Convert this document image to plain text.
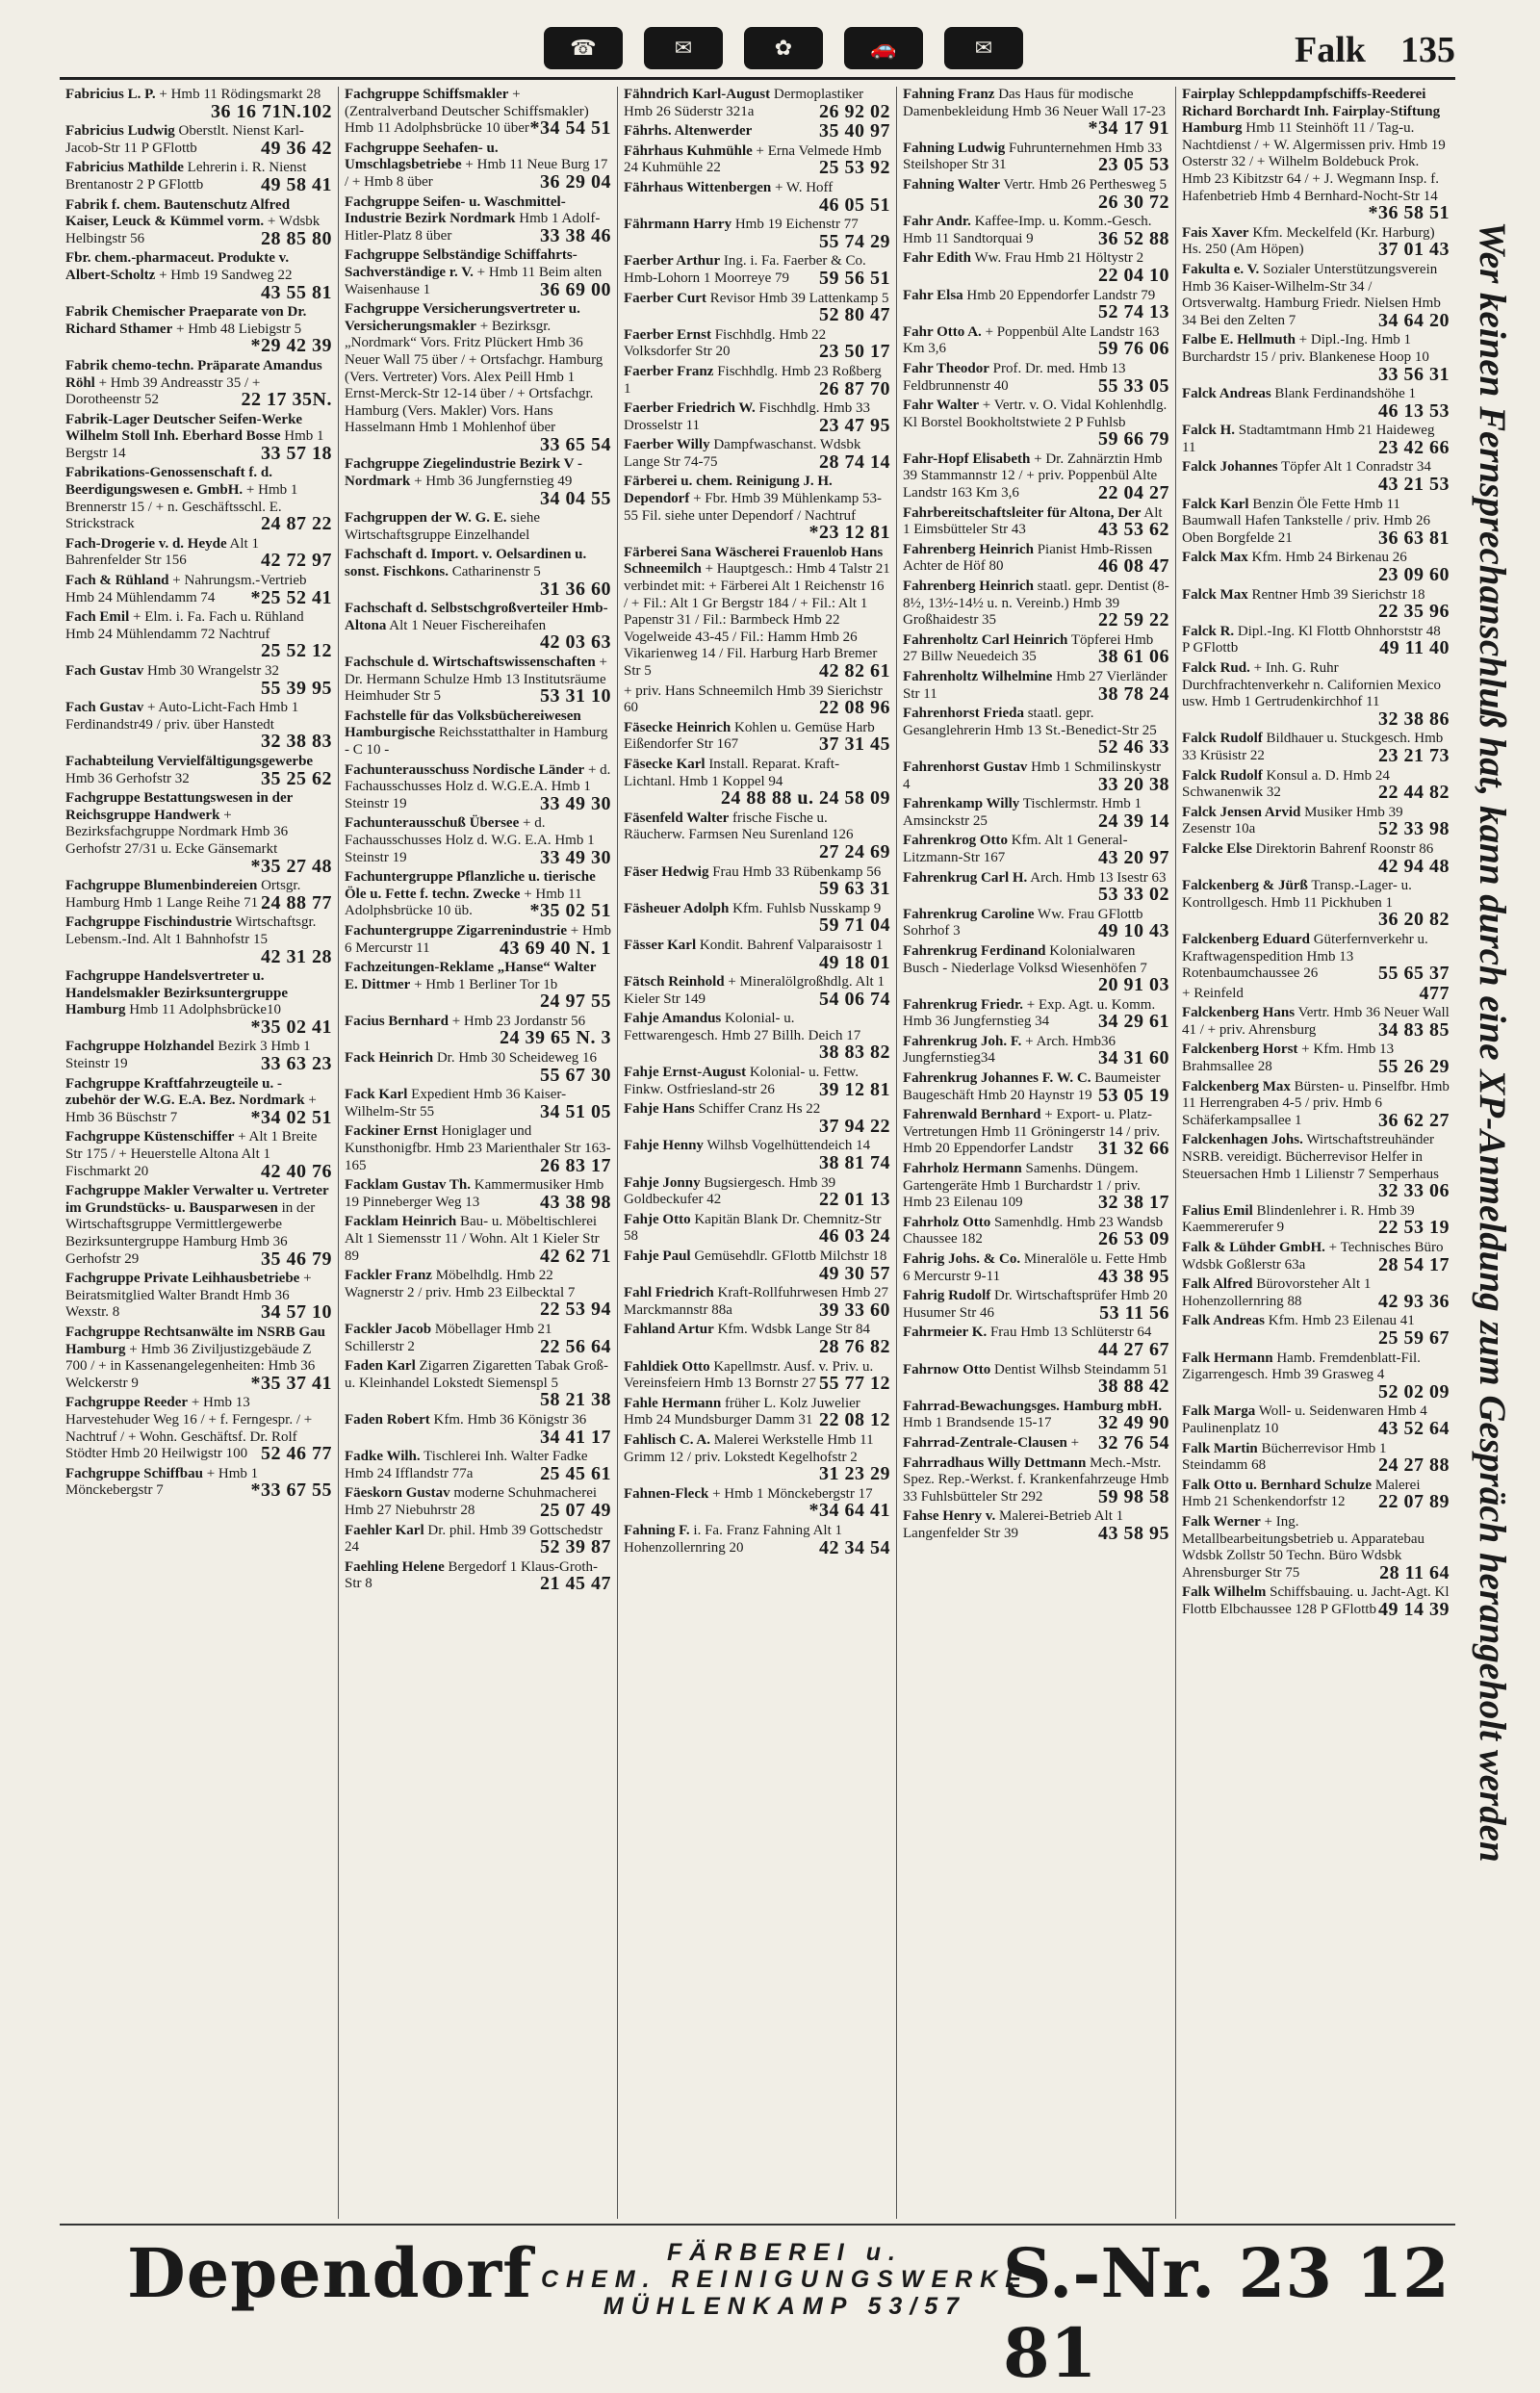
☎	✉	✿	🚗	✉	Falk 135
Fabricius L. P. + Hmb 11 Rödingsmarkt 28
36 16 71N.102
Fabricius Ludwig Oberstlt. Nienst Karl-Jacob-Str 11 P GFlottb	49 36 42
Fabricius Mathilde Lehrerin i. R. Nienst Brentanostr 2 P GFlottb	49 58 41
Fabrik f. chem. Bautenschutz Alfred Kaiser, Leuck & Kümmel vorm. + Wdsbk Helbingstr 56	28 85 80
Fbr. chem.-pharmaceut. Produkte v. Albert-Scholtz + Hmb 19 Sandweg 22
43 55 81
Fabrik Chemischer Praeparate von Dr. Richard Sthamer + Hmb 48 Liebigstr 5
*29 42 39
Fabrik chemo-techn. Präparate Amandus Röhl + Hmb 39 Andreasstr 35 / + Dorotheenstr 52	22 17 35N.
Fabrik-Lager Deutscher Seifen-Werke Wilhelm Stoll Inh. Eberhard Bosse Hmb 1 Bergstr 14	33 57 18
Fabrikations-Genossenschaft f. d. Beerdigungswesen e. GmbH. + Hmb 1 Brennerstr 15 / + n. Geschäftsschl. E. Strickstrack	24 87 22
Fach-Drogerie v. d. Heyde Alt 1 Bahrenfelder Str 156	42 72 97
Fach & Rühland + Nahrungsm.-Vertrieb Hmb 24 Mühlendamm 74 *25 52 41
Fach Emil + Elm. i. Fa. Fach u. Rühland Hmb 24 Mühlendamm 72 Nachtruf
25 52 12
Fach Gustav Hmb 30 Wrangelstr 32
55 39 95
Fach Gustav + Auto-Licht-Fach Hmb 1 Ferdinandstr49 / priv. über Hanstedt
32 38 83
Fachabteilung Vervielfältigungsgewerbe Hmb 36 Gerhofstr 32	35 25 62
Fachgruppe Bestattungswesen in der Reichsgruppe Handwerk + Bezirksfachgruppe Nordmark Hmb 36 Gerhofstr 27/31 u. Ecke Gänsemarkt
*35 27 48
Fachgruppe Blumenbindereien Ortsgr. Hamburg Hmb 1 Lange Reihe 71 24 88 77
Fachgruppe Fischindustrie Wirtschaftsgr. Lebensm.-Ind. Alt 1 Bahnhofstr 15
42 31 28
Fachgruppe Handelsvertreter u. Handelsmakler Bezirksuntergruppe Hamburg Hmb 11 Adolphsbrücke10
*35 02 41
Fachgruppe Holzhandel Bezirk 3 Hmb 1 Steinstr 19	33 63 23
Fachgruppe Kraftfahrzeugteile u. -zubehör der W.G. E.A. Bez. Nordmark + Hmb 36 Büschstr 7	*34 02 51
Fachgruppe Küstenschiffer + Alt 1 Breite Str 175 / + Heuerstelle Altona Alt 1 Fischmarkt 20	42 40 76
Fachgruppe Makler Verwalter u. Vertreter im Grundstücks- u. Bausparwesen in der Wirtschaftsgruppe Vermittlergewerbe Bezirksuntergruppe Hamburg Hmb 36 Gerhofstr 29	35 46 79
Fachgruppe Private Leihhausbetriebe + Beiratsmitglied Walter Brandt Hmb 36 Wexstr. 8	34 57 10
Fachgruppe Rechtsanwälte im NSRB Gau Hamburg + Hmb 36 Ziviljustizgebäude Z 700 / + in Kassenangelegenheiten: Hmb 36 Welckerstr 9	*35 37 41
Fachgruppe Reeder + Hmb 13 Harvestehuder Weg 16 / + f. Ferngespr. / + Nachtruf / + Wohn. Geschäftsf. Dr. Rolf Stödter Hmb 20 Heilwigstr 100 52 46 77
Fachgruppe Schiffbau + Hmb 1 Mönckebergstr 7	*33 67 55
Fachgruppe Schiffsmakler + (Zentralverband Deutscher Schiffsmakler) Hmb 11 Adolphsbrücke 10 über *34 54 51
Fachgruppe Seehafen- u. Umschlagsbetriebe + Hmb 11 Neue Burg 17 / + Hmb 8 über	36 29 04
Fachgruppe Seifen- u. Waschmittel-Industrie Bezirk Nordmark Hmb 1 Adolf-Hitler-Platz 8 über	33 38 46
Fachgruppe Selbständige Schiffahrts-Sachverständige r. V. + Hmb 11 Beim alten Waisenhause 1	36 69 00
Fachgruppe Versicherungsvertreter u. Versicherungsmakler + Bezirksgr. „Nordmark“ Vors. Fritz Plückert Hmb 36 Neuer Wall 75 über / + Ortsfachgr. Hamburg (Vers. Vertreter) Vors. Alex Peill Hmb 1 Ernst-Merck-Str 12-14 über / + Ortsfachgr. Hamburg (Vers. Makler) Vors. Hans Hasselmann Hmb 1 Mohlenhof über
33 65 54
Fachgruppe Ziegelindustrie Bezirk V - Nordmark + Hmb 36 Jungfernstieg 49
34 04 55
Fachgruppen der W. G. E. siehe Wirtschaftsgruppe Einzelhandel
Fachschaft d. Import. v. Oelsardinen u. sonst. Fischkons. Catharinenstr 5
31 36 60
Fachschaft d. Selbstschgroßverteiler Hmb-Altona Alt 1 Neuer Fischereihafen
42 03 63
Fachschule d. Wirtschaftswissenschaften + Dr. Hermann Schulze Hmb 13 Institutsräume Heimhuder Str 5	53 31 10
Fachstelle für das Volksbüchereiwesen Hamburgische Reichsstatthalter in Hamburg - C 10 -
Fachunterausschuss Nordische Länder + d. Fachausschusses Holz d. W.G.E.A. Hmb 1 Steinstr 19	33 49 30
Fachunterausschuß Übersee + d. Fachausschusses Holz d. W.G. E.A. Hmb 1 Steinstr 19	33 49 30
Fachuntergruppe Pflanzliche u. tierische Öle u. Fette f. techn. Zwecke + Hmb 11 Adolphsbrücke 10 üb.	*35 02 51
Fachuntergruppe Zigarrenindustrie + Hmb 6 Mercurstr 11	43 69 40 N. 1
Fachzeitungen-Reklame „Hanse“ Walter E. Dittmer + Hmb 1 Berliner Tor 1b
24 97 55
Facius Bernhard + Hmb 23 Jordanstr 56
24 39 65 N. 3
Fack Heinrich Dr. Hmb 30 Scheideweg 16
55 67 30
Fack Karl Expedient Hmb 36 Kaiser-Wilhelm-Str 55	34 51 05
Fackiner Ernst Honiglager und Kunsthonigfbr. Hmb 23 Marienthaler Str 163-165	26 83 17
Facklam Gustav Th. Kammermusiker Hmb 19 Pinneberger Weg 13	43 38 98
Facklam Heinrich Bau- u. Möbeltischlerei Alt 1 Siemensstr 11 / Wohn. Alt 1 Kieler Str 89	42 62 71
Fackler Franz Möbelhdlg. Hmb 22 Wagnerstr 2 / priv. Hmb 23 Eilbecktal 7
22 53 94
Fackler Jacob Möbellager Hmb 21 Schillerstr 2	22 56 64
Faden Karl Zigarren Zigaretten Tabak Groß- u. Kleinhandel Lokstedt Siemenspl 5
58 21 38
Faden Robert Kfm. Hmb 36 Königstr 36
34 41 17
Fadke Wilh. Tischlerei Inh. Walter Fadke Hmb 24 Ifflandstr 77a	25 45 61
Fäeskorn Gustav moderne Schuhmacherei Hmb 27 Niebuhrstr 28	25 07 49
Faehler Karl Dr. phil. Hmb 39 Gottschedstr 24	52 39 87
Faehling Helene Bergedorf 1 Klaus-Groth-Str 8	21 45 47
Fähndrich Karl-August Dermoplastiker Hmb 26 Süderstr 321a	26 92 02
Fährhs. Altenwerder	35 40 97
Fährhaus Kuhmühle + Erna Velmede Hmb 24 Kuhmühle 22	25 53 92
Fährhaus Wittenbergen + W. Hoff
46 05 51
Fährmann Harry Hmb 19 Eichenstr 77
55 74 29
Faerber Arthur Ing. i. Fa. Faerber & Co. Hmb-Lohorn 1 Moorreye 79 59 56 51
Faerber Curt Revisor Hmb 39 Lattenkamp 5
52 80 47
Faerber Ernst Fischhdlg. Hmb 22 Volksdorfer Str 20	23 50 17
Faerber Franz Fischhdlg. Hmb 23 Roßberg 1	26 87 70
Faerber Friedrich W. Fischhdlg. Hmb 33 Drosselstr 11	23 47 95
Faerber Willy Dampfwaschanst. Wdsbk Lange Str 74-75	28 74 14
Färberei u. chem. Reinigung J. H. Dependorf + Fbr. Hmb 39 Mühlenkamp 53-55 Fil. siehe unter Dependorf / Nachtruf
*23 12 81
Färberei Sana Wäscherei Frauenlob Hans Schneemilch + Hauptgesch.: Hmb 4 Talstr 21 verbindet mit: + Färberei Alt 1 Reichenstr 16 / + Fil.: Alt 1 Gr Bergstr 184 / + Fil.: Alt 1 Papenstr 31 / Fil.: Barmbeck Hmb 22 Vogelweide 43-45 / Fil.: Hamm Hmb 26 Vikarienweg 14 / Fil. Harburg Harb Bremer Str 5	42 82 61
+ priv. Hans Schneemilch Hmb 39 Sierichstr 60	22 08 96
Fäsecke Heinrich Kohlen u. Gemüse Harb Eißendorfer Str 167	37 31 45
Fäsecke Karl Install. Reparat. Kraft- Lichtanl. Hmb 1 Koppel 94
24 88 88 u. 24 58 09
Fäsenfeld Walter frische Fische u. Räucherw. Farmsen Neu Surenland 126
27 24 69
Fäser Hedwig Frau Hmb 33 Rübenkamp 56
59 63 31
Fäsheuer Adolph Kfm. Fuhlsb Nusskamp 9
59 71 04
Fässer Karl Kondit. Bahrenf Valparaisostr 1
49 18 01
Fätsch Reinhold + Mineralölgroßhdlg. Alt 1 Kieler Str 149	54 06 74
Fahje Amandus Kolonial- u. Fettwarengesch. Hmb 27 Billh. Deich 17
38 83 82
Fahje Ernst-August Kolonial- u. Fettw. Finkw. Ostfriesland-str 26 39 12 81
Fahje Hans Schiffer Cranz Hs 22
37 94 22
Fahje Henny Wilhsb Vogelhüttendeich 14
38 81 74
Fahje Jonny Bugsiergesch. Hmb 39 Goldbeckufer 42	22 01 13
Fahje Otto Kapitän Blank Dr. Chemnitz-Str 58	46 03 24
Fahje Paul Gemüsehdlr. GFlottb Milchstr 18
49 30 57
Fahl Friedrich Kraft-Rollfuhrwesen Hmb 27 Marckmannstr 88a	39 33 60
Fahland Artur Kfm. Wdsbk Lange Str 84
28 76 82
Fahldiek Otto Kapellmstr. Ausf. v. Priv. u. Vereinsfeiern Hmb 13 Bornstr 27 55 77 12
Fahle Hermann früher L. Kolz Juwelier Hmb 24 Mundsburger Damm 31 22 08 12
Fahlisch C. A. Malerei Werkstelle Hmb 11 Grimm 12 / priv. Lokstedt Kegelhofstr 2
31 23 29
Fahnen-Fleck + Hmb 1 Mönckebergstr 17
*34 64 41
Fahning F. i. Fa. Franz Fahning Alt 1 Hohenzollernring 20	42 34 54
Fahning Franz Das Haus für modische Damenbekleidung Hmb 36 Neuer Wall 17-23
*34 17 91
Fahning Ludwig Fuhrunternehmen Hmb 33 Steilshoper Str 31	23 05 53
Fahning Walter Vertr. Hmb 26 Perthesweg 5
26 30 72
Fahr Andr. Kaffee-Imp. u. Komm.-Gesch. Hmb 11 Sandtorquai 9	36 52 88
Fahr Edith Ww. Frau Hmb 21 Höltystr 2
22 04 10
Fahr Elsa Hmb 20 Eppendorfer Landstr 79
52 74 13
Fahr Otto A. + Poppenbül Alte Landstr 163 Km 3,6	59 76 06
Fahr Theodor Prof. Dr. med. Hmb 13 Feldbrunnenstr 40	55 33 05
Fahr Walter + Vertr. v. O. Vidal Kohlenhdlg. Kl Borstel Bookholtstwiete 2 P Fuhlsb
59 66 79
Fahr-Hopf Elisabeth + Dr. Zahnärztin Hmb 39 Stammannstr 12 / + priv. Poppenbül Alte Landstr 163 Km 3,6	22 04 27
Fahrbereitschaftsleiter für Altona, Der Alt 1 Eimsbütteler Str 43	43 53 62
Fahrenberg Heinrich Pianist Hmb-Rissen Achter de Höf 80	46 08 47
Fahrenberg Heinrich staatl. gepr. Dentist (8-8½, 13½-14½ u. n. Vereinb.) Hmb 39 Großhaidestr 35	22 59 22
Fahrenholtz Carl Heinrich Töpferei Hmb 27 Billw Neuedeich 35	38 61 06
Fahrenholtz Wilhelmine Hmb 27 Vierländer Str 11	38 78 24
Fahrenhorst Frieda staatl. gepr. Gesanglehrerin Hmb 13 St.-Benedict-Str 25
52 46 33
Fahrenhorst Gustav Hmb 1 Schmilinskystr 4	33 20 38
Fahrenkamp Willy Tischlermstr. Hmb 1 Amsinckstr 25	24 39 14
Fahrenkrog Otto Kfm. Alt 1 General-Litzmann-Str 167	43 20 97
Fahrenkrug Carl H. Arch. Hmb 13 Isestr 63
53 33 02
Fahrenkrug Caroline Ww. Frau GFlottb Sohrhof 3	49 10 43
Fahrenkrug Ferdinand Kolonialwaren Busch - Niederlage Volksd Wiesenhöfen 7
20 91 03
Fahrenkrug Friedr. + Exp. Agt. u. Komm. Hmb 36 Jungfernstieg 34	34 29 61
Fahrenkrug Joh. F. + Arch. Hmb36 Jungfernstieg34	34 31 60
Fahrenkrug Johannes F. W. C. Baumeister Baugeschäft Hmb 20 Haynstr 19 53 05 19
Fahrenwald Bernhard + Export- u. Platz-Vertretungen Hmb 11 Gröningerstr 14 / priv. Hmb 20 Eppendorfer Landstr 31 32 66
Fahrholz Hermann Samenhs. Düngem. Gartengeräte Hmb 1 Burchardstr 1 / priv. Hmb 23 Eilenau 109	32 38 17
Fahrholz Otto Samenhdlg. Hmb 23 Wandsb Chaussee 182	26 53 09
Fahrig Johs. & Co. Mineralöle u. Fette Hmb 6 Mercurstr 9-11	43 38 95
Fahrig Rudolf Dr. Wirtschaftsprüfer Hmb 20 Husumer Str 46	53 11 56
Fahrmeier K. Frau Hmb 13 Schlüterstr 64
44 27 67
Fahrnow Otto Dentist Wilhsb Steindamm 51
38 88 42
Fahrrad-Bewachungsges. Hamburg mbH. Hmb 1 Brandsende 15-17 32 49 90
Fahrrad-Zentrale-Clausen + 32 76 54
Fahrradhaus Willy Dettmann Mech.-Mstr. Spez. Rep.-Werkst. f. Krankenfahrzeuge Hmb 33 Fuhlsbütteler Str 292	59 98 58
Fahse Henry v. Malerei-Betrieb Alt 1 Langenfelder Str 39	43 58 95
Fairplay Schleppdampfschiffs-Reederei Richard Borchardt Inh. Fairplay-Stiftung Hamburg Hmb 11 Steinhöft 11 / Tag-u. Nachtdienst / + W. Algermissen priv. Hmb 19 Osterstr 32 / + Wilhelm Boldebuck Prok. Hmb 23 Kibitzstr 64 / + J. Wegmann Insp. f. Hafenbetrieb Hmb 4 Bernhard-Nocht-Str 14
*36 58 51
Fais Xaver Kfm. Meckelfeld (Kr. Harburg) Hs. 250 (Am Höpen)	37 01 43
Fakulta e. V. Sozialer Unterstützungsverein Hmb 36 Kaiser-Wilhelm-Str 34 / Ortsverwaltg. Hamburg Friedr. Nielsen Hmb 34 Bei den Zelten 7	34 64 20
Falbe E. Hellmuth + Dipl.-Ing. Hmb 1 Burchardstr 15 / priv. Blankenese Hoop 10
33 56 31
Falck Andreas Blank Ferdinandshöhe 1
46 13 53
Falck H. Stadtamtmann Hmb 21 Haideweg 11	23 42 66
Falck Johannes Töpfer Alt 1 Conradstr 34
43 21 53
Falck Karl Benzin Öle Fette Hmb 11 Baumwall Hafen Tankstelle / priv. Hmb 26 Oben Borgfelde 21	36 63 81
Falck Max Kfm. Hmb 24 Birkenau 26
23 09 60
Falck Max Rentner Hmb 39 Sierichstr 18
22 35 96
Falck R. Dipl.-Ing. Kl Flottb Ohnhorststr 48 P GFlottb	49 11 40
Falck Rud. + Inh. G. Ruhr Durchfrachtenverkehr n. Californien Mexico usw. Hmb 1 Gertrudenkirchhof 11
32 38 86
Falck Rudolf Bildhauer u. Stuckgesch. Hmb 33 Krüsistr 22	23 21 73
Falck Rudolf Konsul a. D. Hmb 24 Schwanenwik 32	22 44 82
Falck Jensen Arvid Musiker Hmb 39 Zesenstr 10a	52 33 98
Falcke Else Direktorin Bahrenf Roonstr 86
42 94 48
Falckenberg & Jürß Transp.-Lager- u. Kontrollgesch. Hmb 11 Pickhuben 1
36 20 82
Falckenberg Eduard Güterfernverkehr u. Kraftwagenspedition Hmb 13 Rotenbaumchaussee 26	55 65 37
+ Reinfeld	477
Falckenberg Hans Vertr. Hmb 36 Neuer Wall 41 / + priv. Ahrensburg	34 83 85
Falckenberg Horst + Kfm. Hmb 13 Brahmsallee 28	55 26 29
Falckenberg Max Bürsten- u. Pinselfbr. Hmb 11 Herrengraben 4-5 / priv. Hmb 6 Schäferkampsallee 1	36 62 27
Falckenhagen Johs. Wirtschaftstreuhänder NSRB. vereidigt. Bücherrevisor Helfer in Steuersachen Hmb 1 Lilienstr 7 Semperhaus
32 33 06
Falius Emil Blindenlehrer i. R. Hmb 39 Kaemmererufer 9	22 53 19
Falk & Lühder GmbH. + Technisches Büro Wdsbk Goßlerstr 63a	28 54 17
Falk Alfred Bürovorsteher Alt 1 Hohenzollernring 88	42 93 36
Falk Andreas Kfm. Hmb 23 Eilenau 41
25 59 67
Falk Hermann Hamb. Fremdenblatt-Fil. Zigarrengesch. Hmb 39 Grasweg 4
52 02 09
Falk Marga Woll- u. Seidenwaren Hmb 4 Paulinenplatz 10	43 52 64
Falk Martin Bücherrevisor Hmb 1 Steindamm 68	24 27 88
Falk Otto u. Bernhard Schulze Malerei Hmb 21 Schenkendorfstr 12 22 07 89
Falk Werner + Ing. Metallbearbeitungsbetrieb u. Apparatebau Wdsbk Zollstr 50 Techn. Büro Wdsbk Ahrensburger Str 75	28 11 64
Falk Wilhelm Schiffsbauing. u. Jacht-Agt. Kl Flottb Elbchaussee 128 P GFlottb 49 14 39 Wer keinen Fernsprechanschluß hat, kann durch eine XP-Anmeldung zum Gespräch herangeholt werden
Dependorf	FÄRBEREI u.
CHEM. REINIGUNGSWERKE
MÜHLENKAMP 53/57 S.-Nr. 23 12 81
